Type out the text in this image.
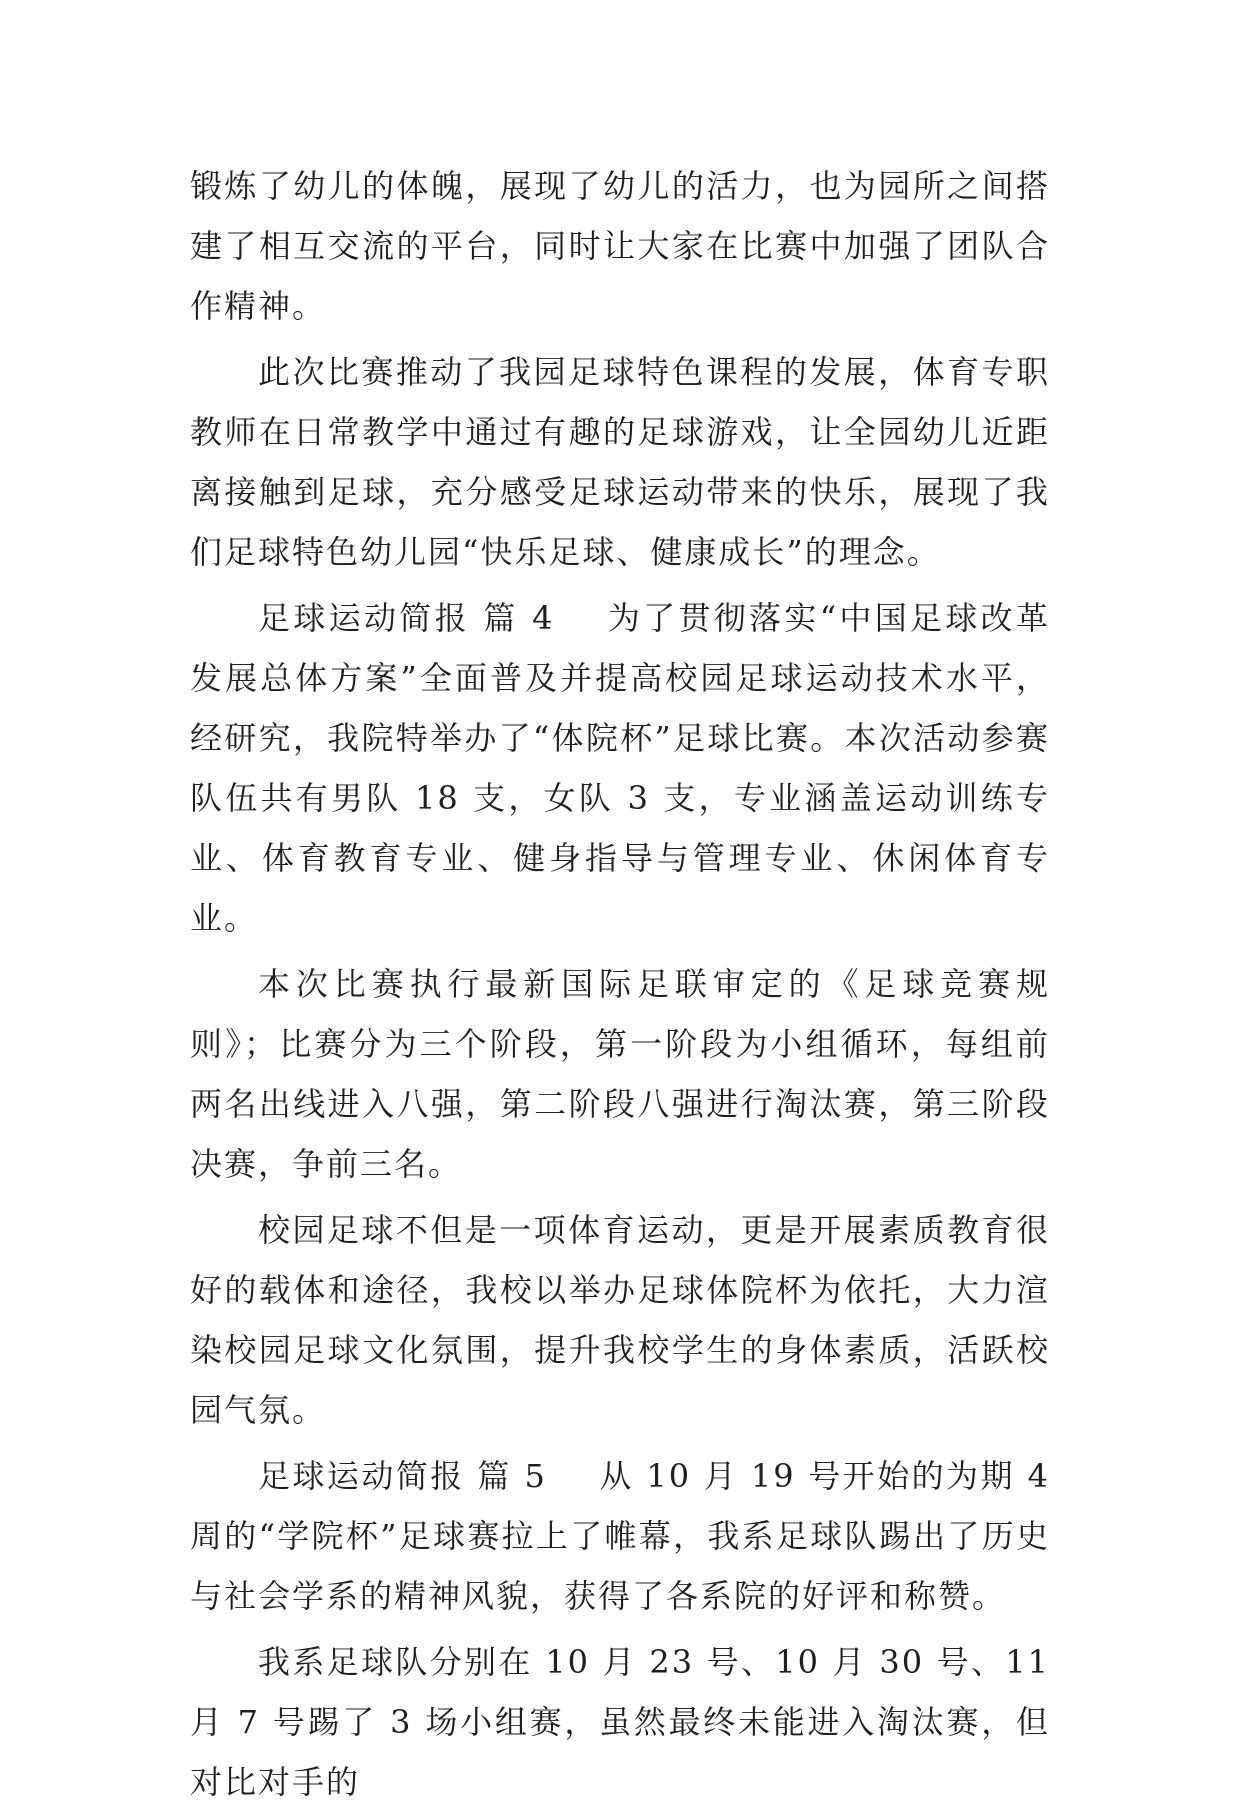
锻炼了幼儿的体魄，展现了幼儿的活力，也为园所之间搭建了相互交流的平台，同时让大家在比赛中加强了团队合作精神。

此次比赛推动了我园足球特色课程的发展，体育专职教师在日常教学中通过有趣的足球游戏，让全园幼儿近距离接触到足球，充分感受足球运动带来的快乐，展现了我们足球特色幼儿园“快乐足球、健康成长”的理念。

足球运动简报 篇 4 为了贯彻落实“中国足球改革发展总体方案”全面普及并提高校园足球运动技术水平，经研究，我院特举办了“体院杯”足球比赛。本次活动参赛队伍共有男队 18 支，女队 3 支，专业涵盖运动训练专业、体育教育专业、健身指导与管理专业、休闲体育专业。

本次比赛执行最新国际足联审定的《足球竞赛规则》；比赛分为三个阶段，第一阶段为小组循环，每组前两名出线进入八强，第二阶段八强进行淘汰赛，第三阶段决赛，争前三名。

校园足球不但是一项体育运动，更是开展素质教育很好的载体和途径，我校以举办足球体院杯为依托，大力渲染校园足球文化氛围，提升我校学生的身体素质，活跃校园气氛。

足球运动简报 篇 5 从 10 月 19 号开始的为期 4 周的“学院杯”足球赛拉上了帷幕，我系足球队踢出了历史与社会学系的精神风貌，获得了各系院的好评和称赞。

我系足球队分别在 10 月 23 号、10 月 30 号、11 月 7 号踢了 3 场小组赛，虽然最终未能进入淘汰赛，但对比对手的
